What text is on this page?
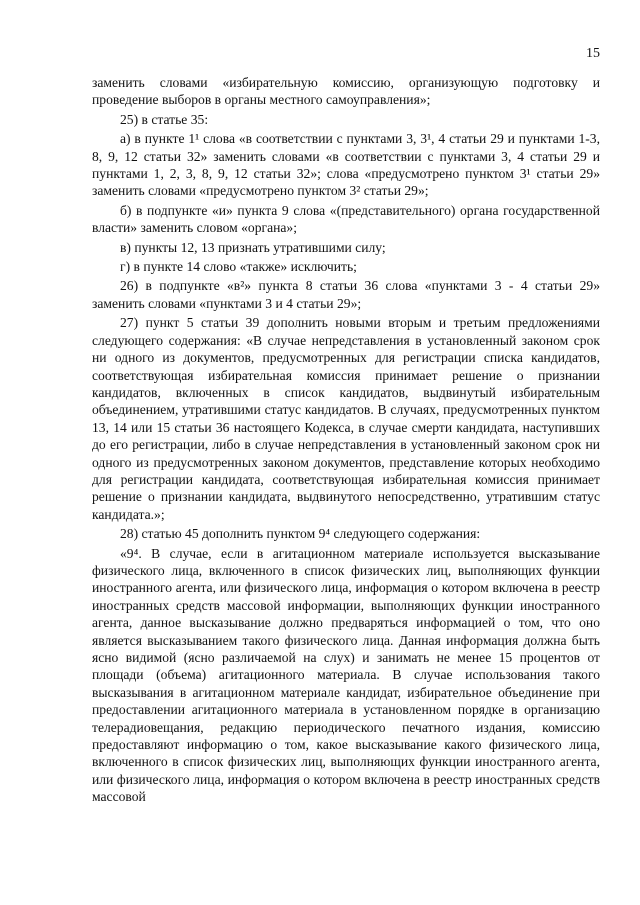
15

заменить словами «избирательную комиссию, организующую подготовку и проведение выборов в органы местного самоуправления»;

25) в статье 35:

а) в пункте 1¹ слова «в соответствии с пунктами 3, 3¹, 4 статьи 29 и пунктами 1-3, 8, 9, 12 статьи 32» заменить словами «в соответствии с пунктами 3, 4 статьи 29 и пунктами 1, 2, 3, 8, 9, 12 статьи 32»; слова «предусмотрено пунктом 3¹ статьи 29» заменить словами «предусмотрено пунктом 3² статьи 29»;

б) в подпункте «и» пункта 9 слова «(представительного) органа государственной власти» заменить словом «органа»;

в) пункты 12, 13 признать утратившими силу;

г) в пункте 14 слово «также» исключить;

26) в подпункте «в²» пункта 8 статьи 36 слова «пунктами 3 - 4 статьи 29» заменить словами «пунктами 3 и 4 статьи 29»;

27) пункт 5 статьи 39 дополнить новыми вторым и третьим предложениями следующего содержания: «В случае непредставления в установленный законом срок ни одного из документов, предусмотренных для регистрации списка кандидатов, соответствующая избирательная комиссия принимает решение о признании кандидатов, включенных в список кандидатов, выдвинутый избирательным объединением, утратившими статус кандидатов. В случаях, предусмотренных пунктом 13, 14 или 15 статьи 36 настоящего Кодекса, в случае смерти кандидата, наступивших до его регистрации, либо в случае непредставления в установленный законом срок ни одного из предусмотренных законом документов, представление которых необходимо для регистрации кандидата, соответствующая избирательная комиссия принимает решение о признании кандидата, выдвинутого непосредственно, утратившим статус кандидата.»;

28) статью 45 дополнить пунктом 9⁴ следующего содержания:

«9⁴. В случае, если в агитационном материале используется высказывание физического лица, включенного в список физических лиц, выполняющих функции иностранного агента, или физического лица, информация о котором включена в реестр иностранных средств массовой информации, выполняющих функции иностранного агента, данное высказывание должно предваряться информацией о том, что оно является высказыванием такого физического лица. Данная информация должна быть ясно видимой (ясно различаемой на слух) и занимать не менее 15 процентов от площади (объема) агитационного материала. В случае использования такого высказывания в агитационном материале кандидат, избирательное объединение при предоставлении агитационного материала в установленном порядке в организацию телерадиовещания, редакцию периодического печатного издания, комиссию предоставляют информацию о том, какое высказывание какого физического лица, включенного в список физических лиц, выполняющих функции иностранного агента, или физического лица, информация о котором включена в реестр иностранных средств массовой
